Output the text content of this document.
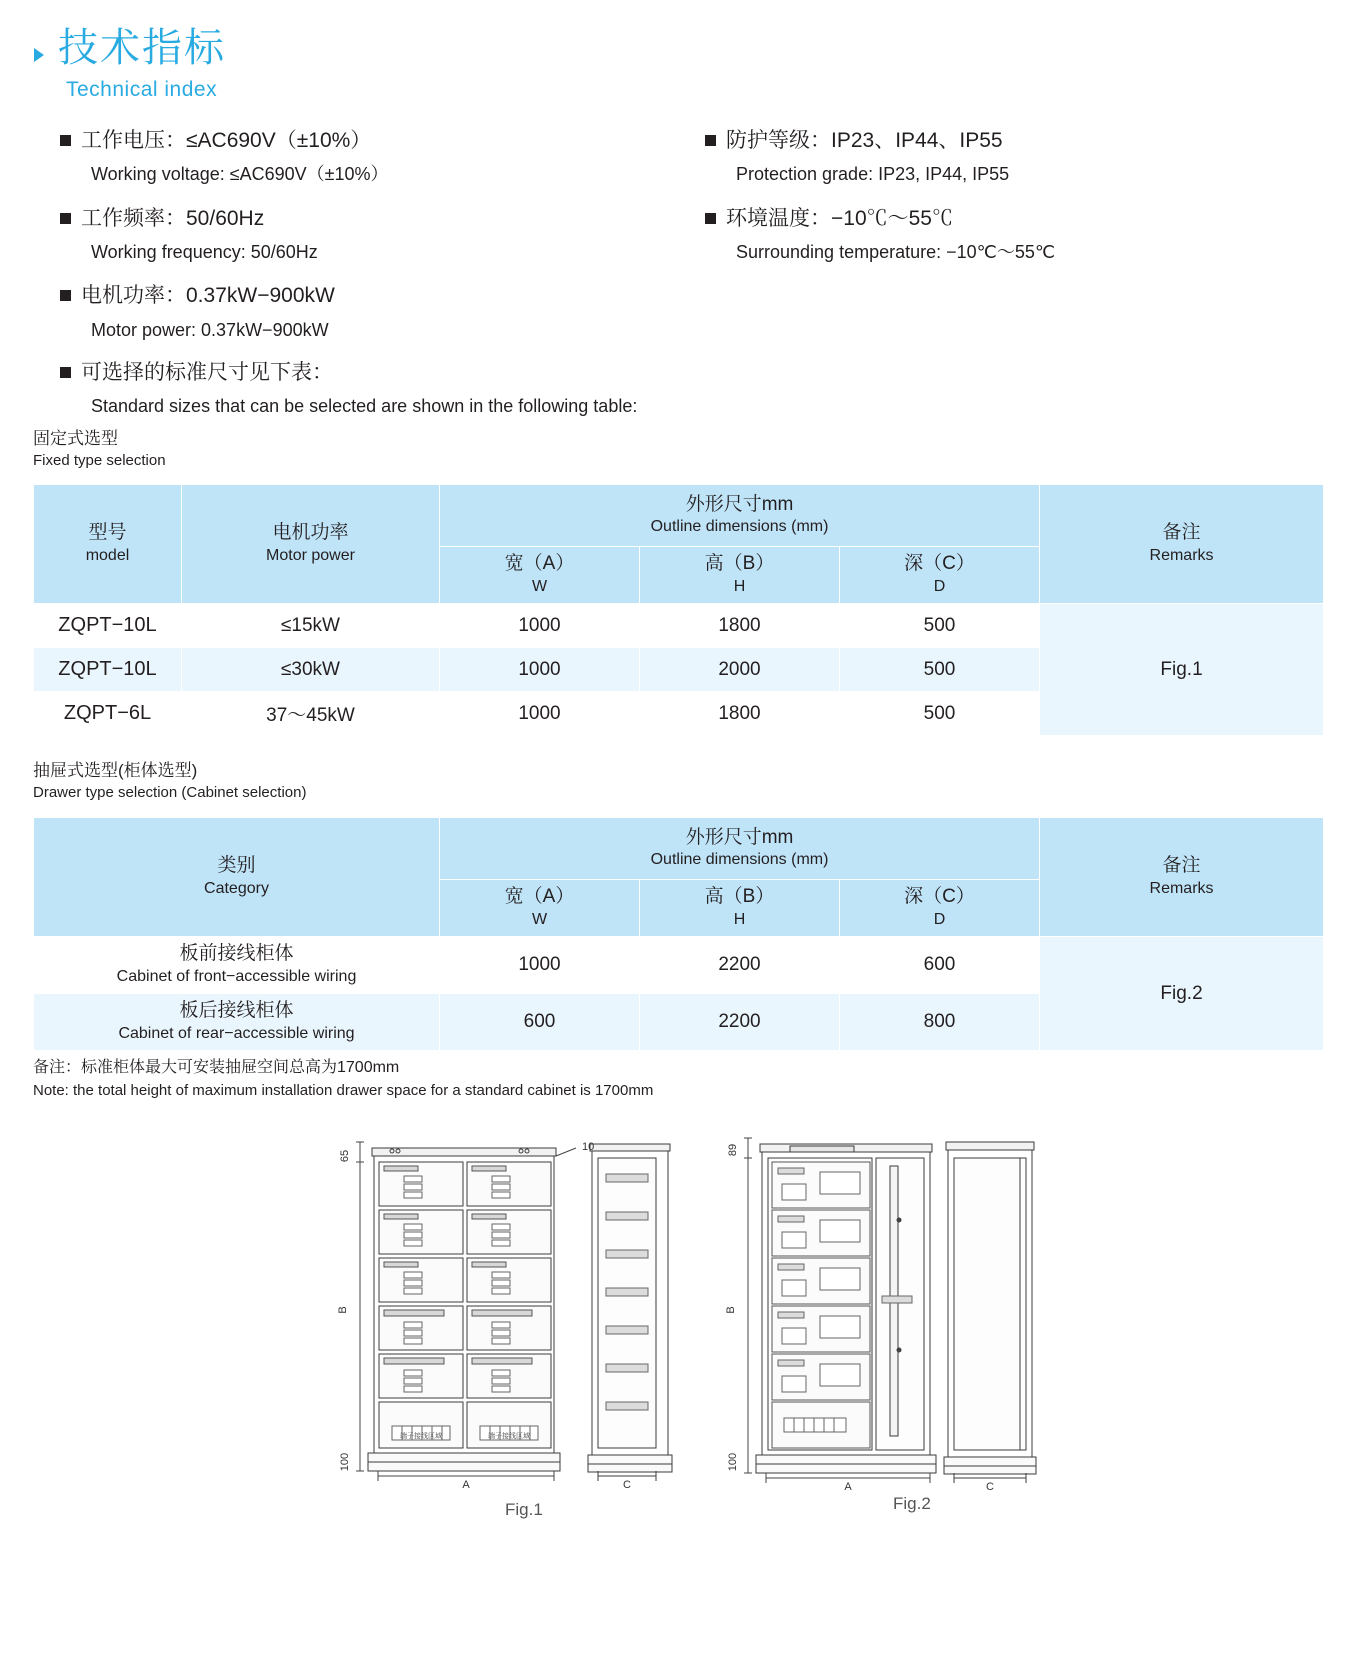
技术指标
Technical index
工作电压：≤AC690V（±10%）
Working voltage: ≤AC690V（±10%）
工作频率：50/60Hz
Working frequency: 50/60Hz
电机功率：0.37kW−900kW
Motor power: 0.37kW−900kW
防护等级：IP23、IP44、IP55
Protection grade: IP23, IP44, IP55
环境温度：−10℃～55℃
Surrounding temperature: −10℃～55℃
可选择的标准尺寸见下表：
Standard sizes that can be selected are shown in the following table:
固定式选型
Fixed type selection
型号
model

电机功率
Motor power

外形尺寸mm
Outline dimensions (mm)	备注
Remarks

宽（A）
W

高（B）
H

深（C）
D

ZQPT−10L	≤15kW	1000	1800	500	Fig.1
ZQPT−10L	≤30kW	1000	2000	500	
ZQPT−6L	37～45kW	1000	1800	500	
抽屉式选型(柜体选型)
Drawer type selection (Cabinet selection)
类别
Category

外形尺寸mm
Outline dimensions (mm)	备注
Remarks

宽（A）
W

高（B）
H

深（C）
D

板前接线柜体
Cabinet of front−accessible wiring	1000	2200	600	Fig.2

板后接线柜体
Cabinet of rear−accessible wiring	600	2200	800	
备注：标准柜体最大可安装抽屉空间总高为1700mm
Note: the total height of maximum installation drawer space for a standard cabinet is 1700mm
65
B
100
10
A	C
89
B
100
A	C
端子接线区域	端子接线区域
Fig.1	Fig.2
